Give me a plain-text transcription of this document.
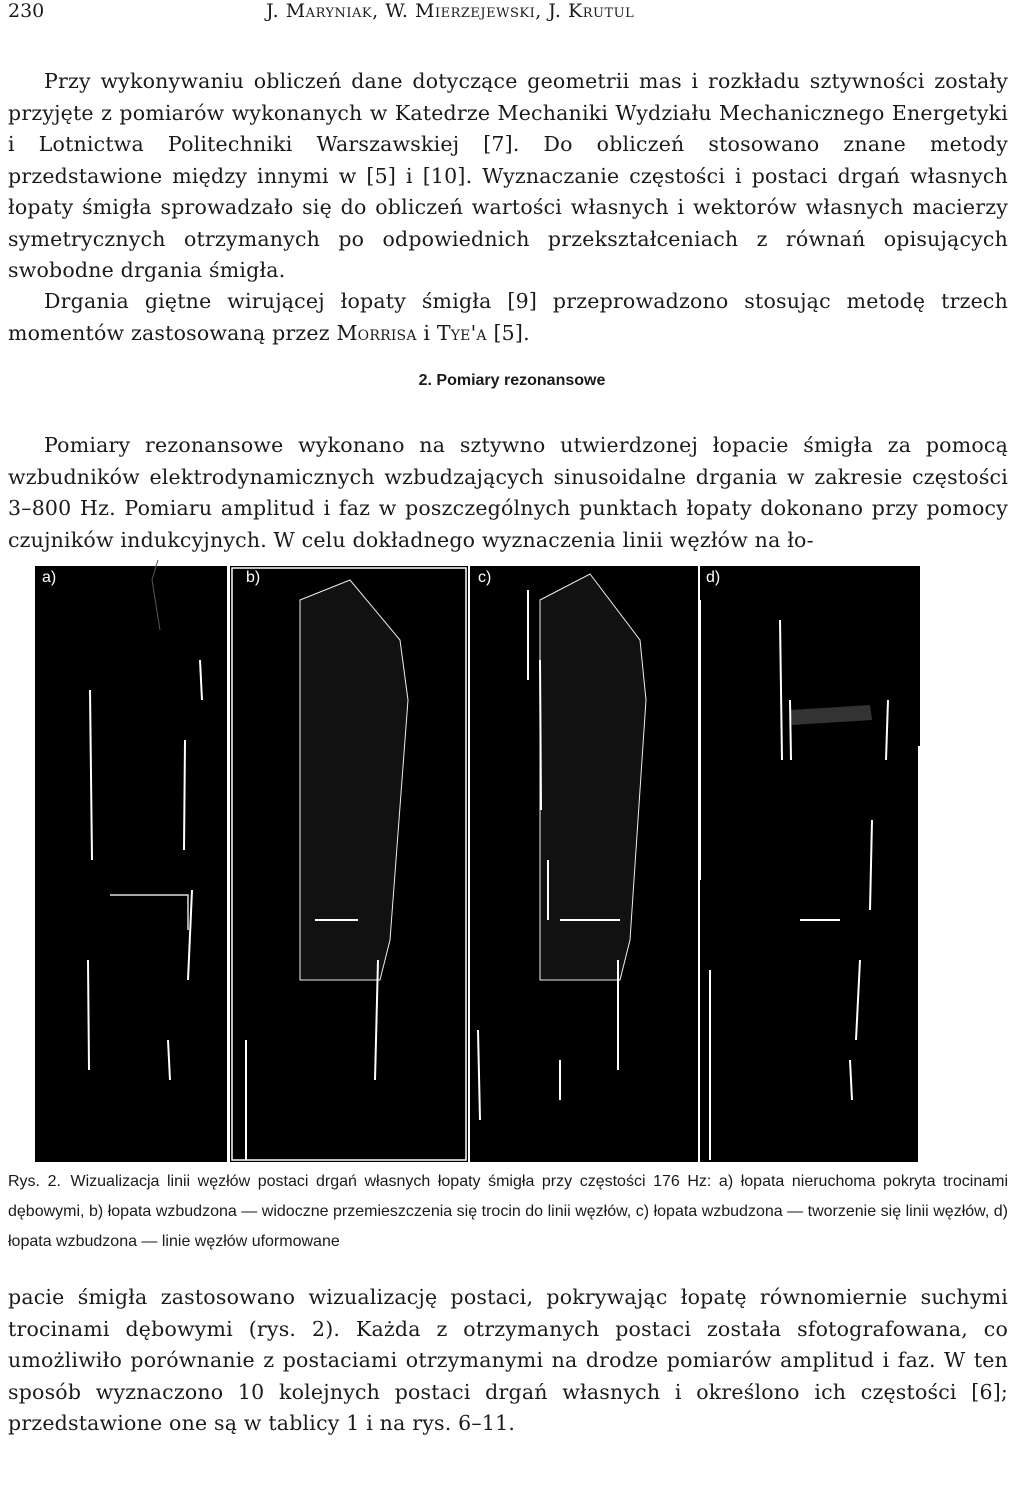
230	J. Maryniak, W. Mierzejewski, J. Krutul

Przy wykonywaniu obliczeń dane dotyczące geometrii mas i rozkładu sztywności zostały przyjęte z pomiarów wykonanych w Katedrze Mechaniki Wydziału Mechanicznego Energetyki i Lotnictwa Politechniki Warszawskiej [7]. Do obliczeń stosowano znane metody przedstawione między innymi w [5] i [10]. Wyznaczanie częstości i postaci drgań własnych łopaty śmigła sprowadzało się do obliczeń wartości własnych i wektorów własnych macierzy symetrycznych otrzymanych po odpowiednich przekształceniach z równań opisujących swobodne drgania śmigła.

Drgania giętne wirującej łopaty śmigła [9] przeprowadzono stosując metodę trzech momentów zastosowaną przez Morrisa i Tye'a [5].

2. Pomiary rezonansowe

Pomiary rezonansowe wykonano na sztywno utwierdzonej łopacie śmigła za pomocą wzbudników elektrodynamicznych wzbudzających sinusoidalne drgania w zakresie częstości 3–800 Hz. Pomiaru amplitud i faz w poszczególnych punktach łopaty dokonano przy pomocy czujników indukcyjnych. W celu dokładnego wyznaczenia linii węzłów na ło-

a)	b)	c)	d)
Rys. 2. Wizualizacja linii węzłów postaci drgań własnych łopaty śmigła przy częstości 176 Hz: a) łopata nieruchoma pokryta trocinami dębowymi, b) łopata wzbudzona — widoczne przemieszczenia się trocin do linii węzłów, c) łopata wzbudzona — tworzenie się linii węzłów, d) łopata wzbudzona — linie węzłów uformowane

pacie śmigła zastosowano wizualizację postaci, pokrywając łopatę równomiernie suchymi trocinami dębowymi (rys. 2). Każda z otrzymanych postaci została sfotografowana, co umożliwiło porównanie z postaciami otrzymanymi na drodze pomiarów amplitud i faz. W ten sposób wyznaczono 10 kolejnych postaci drgań własnych i określono ich częstości [6]; przedstawione one są w tablicy 1 i na rys. 6–11.
